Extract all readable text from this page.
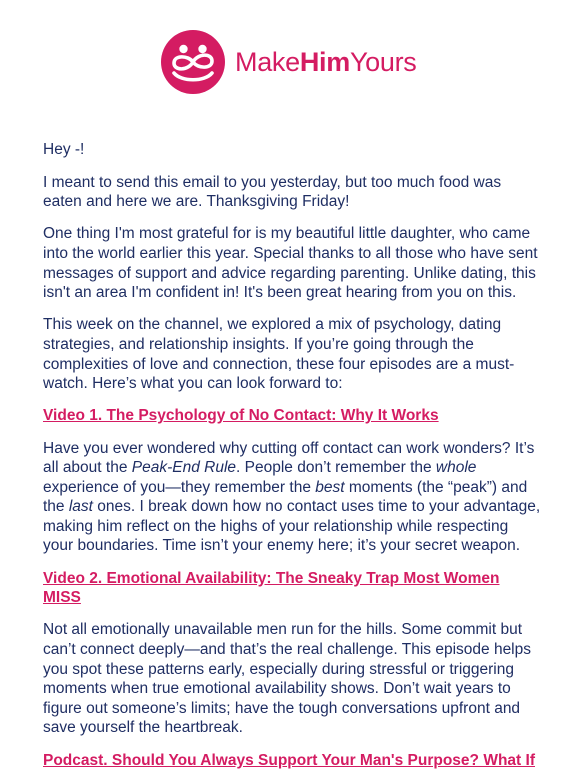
MakeHimYours

Hey -!

I meant to send this email to you yesterday, but too much food was eaten and here we are. Thanksgiving Friday!

One thing I'm most grateful for is my beautiful little daughter, who came into the world earlier this year. Special thanks to all those who have sent messages of support and advice regarding parenting. Unlike dating, this isn't an area I'm confident in! It's been great hearing from you on this.

This week on the channel, we explored a mix of psychology, dating strategies, and relationship insights. If you’re going through the complexities of love and connection, these four episodes are a must-watch. Here’s what you can look forward to:

Video 1. The Psychology of No Contact: Why It Works

Have you ever wondered why cutting off contact can work wonders? It’s all about the Peak-End Rule. People don’t remember the whole experience of you—they remember the best moments (the “peak”) and the last ones. I break down how no contact uses time to your advantage, making him reflect on the highs of your relationship while respecting your boundaries. Time isn’t your enemy here; it’s your secret weapon.

Video 2. Emotional Availability: The Sneaky Trap Most Women MISS

Not all emotionally unavailable men run for the hills. Some commit but can’t connect deeply—and that’s the real challenge. This episode helps you spot these patterns early, especially during stressful or triggering moments when true emotional availability shows. Don’t wait years to figure out someone’s limits; have the tough conversations upfront and save yourself the heartbreak.

Podcast. Should You Always Support Your Man's Purpose? What If
